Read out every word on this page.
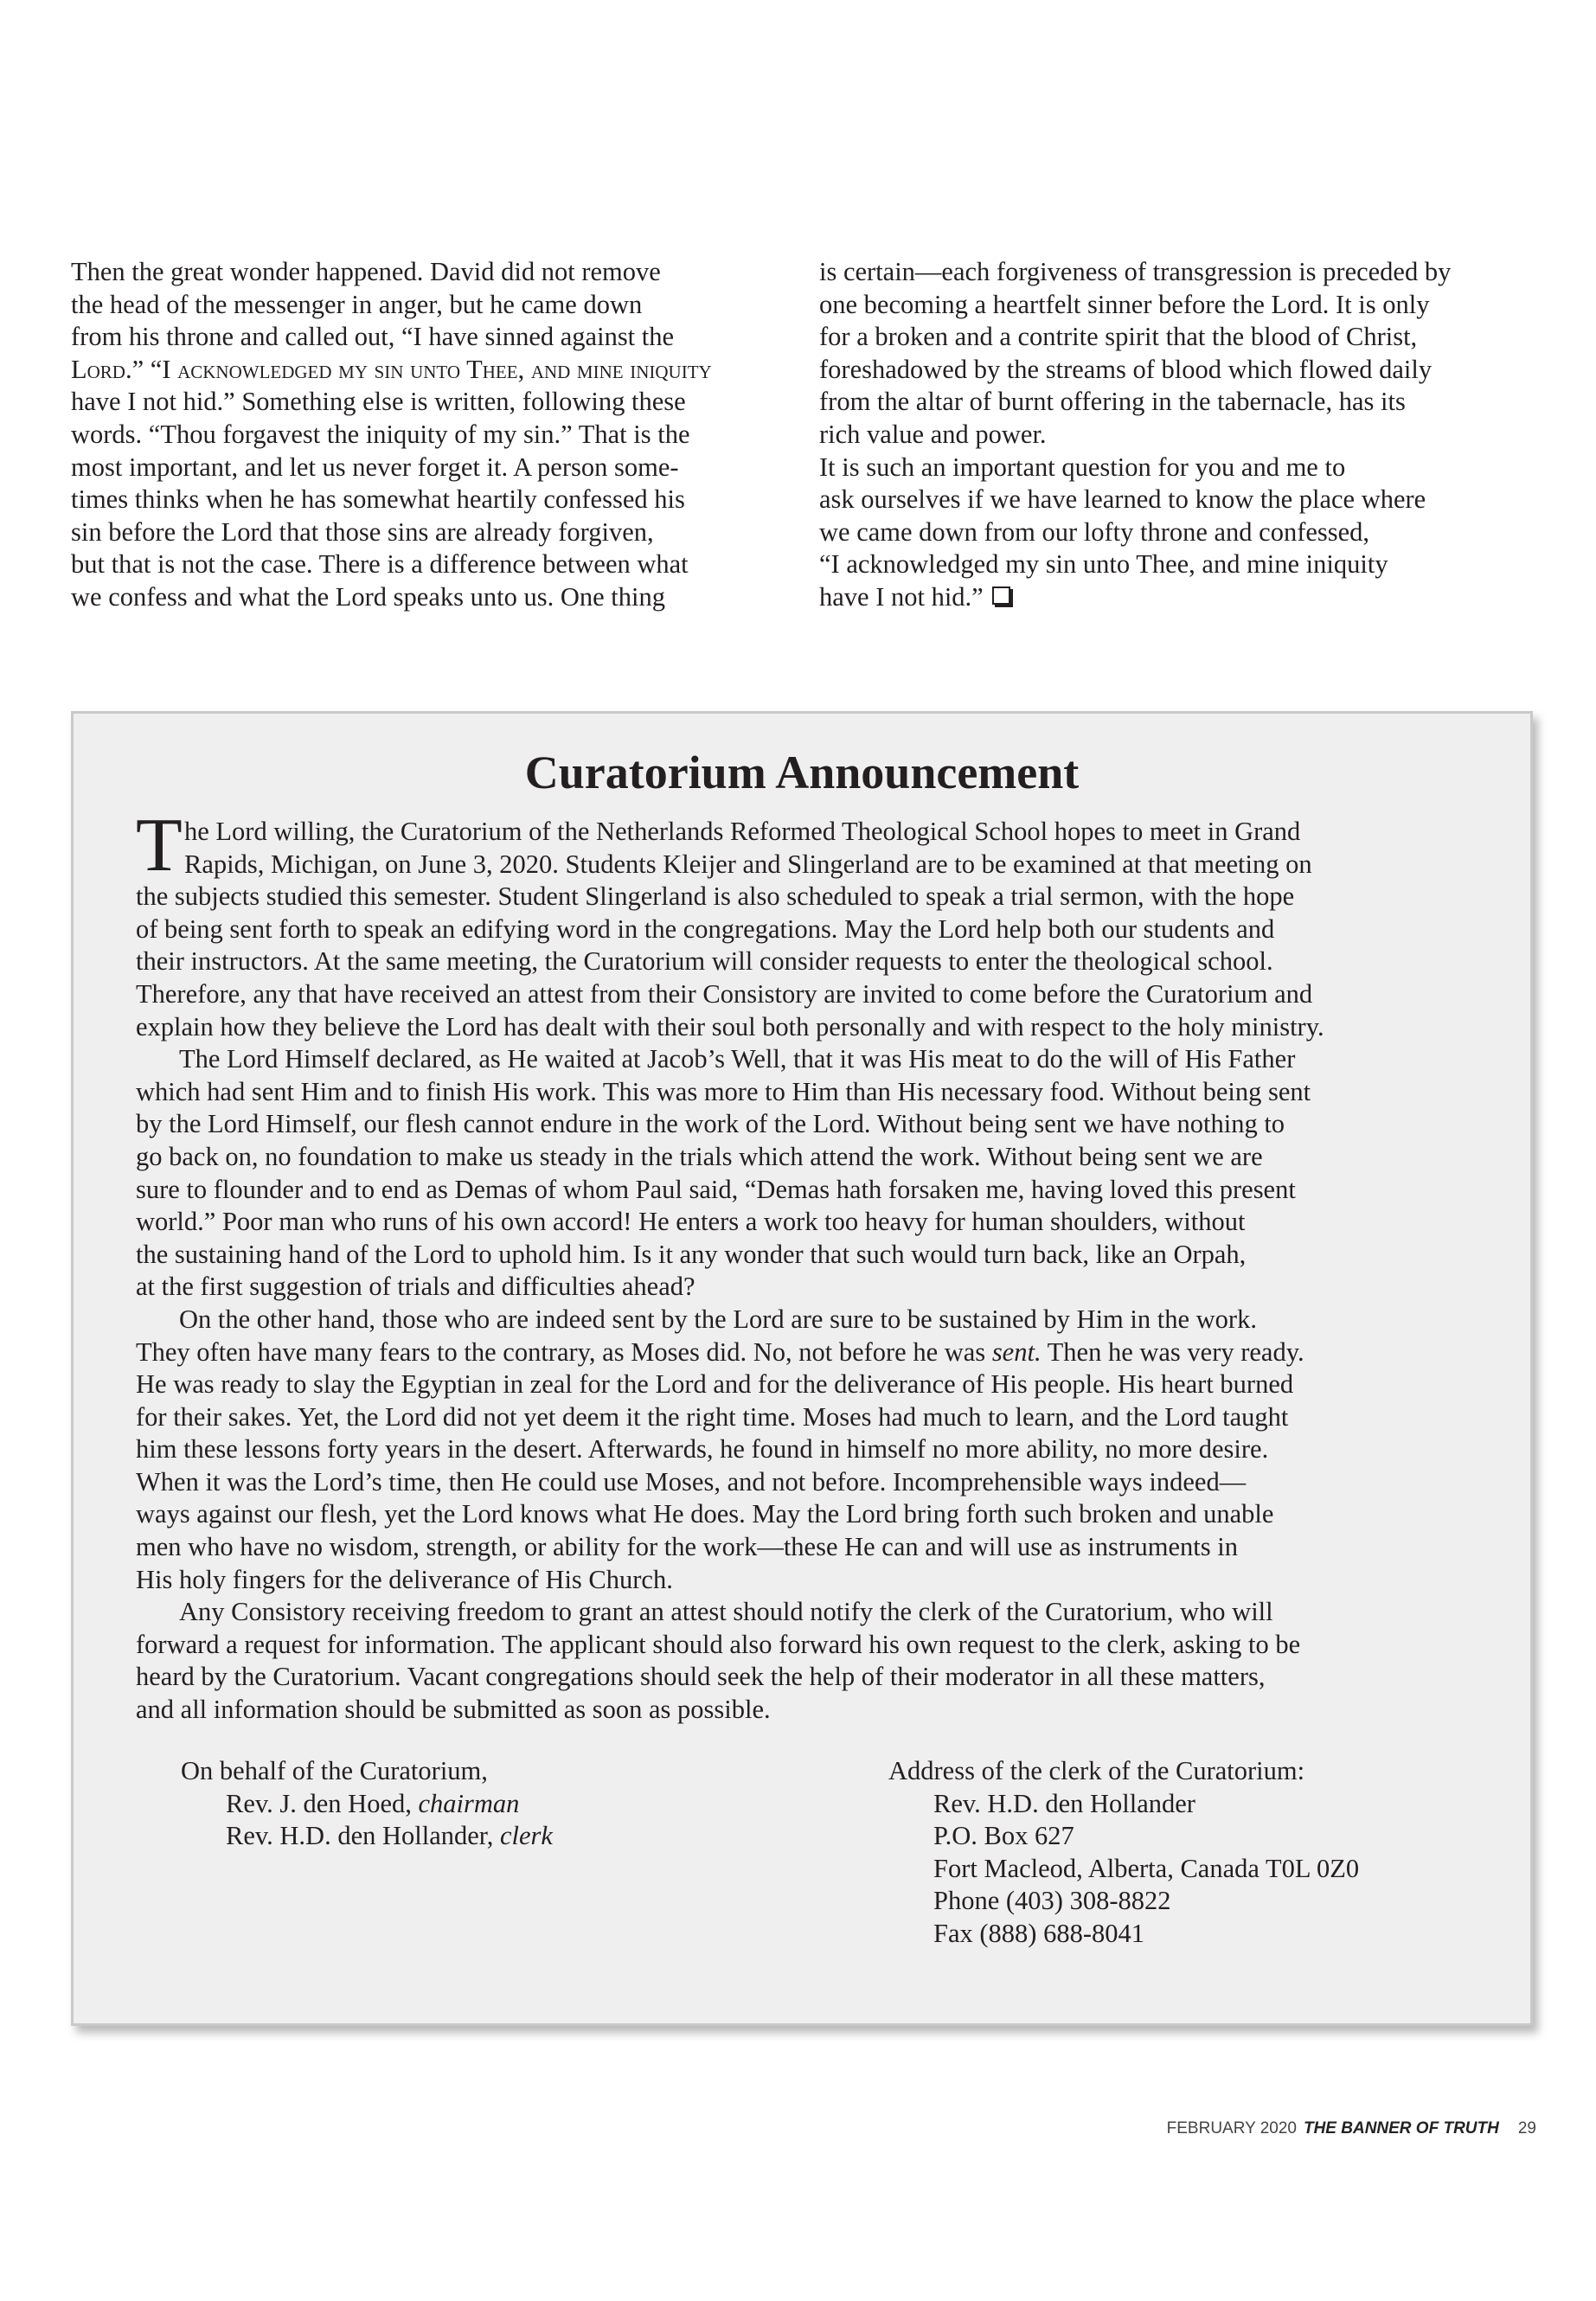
Then the great wonder happened. David did not remove
the head of the messenger in anger, but he came down
from his throne and called out, “I have sinned against the
Lord.” “I acknowledged my sin unto Thee, and mine iniquity
have I not hid.” Something else is written, following these
words. “Thou forgavest the iniquity of my sin.” That is the
most important, and let us never forget it. A person some-
times thinks when he has somewhat heartily confessed his
sin before the Lord that those sins are already forgiven,
but that is not the case. There is a difference between what
we confess and what the Lord speaks unto us. One thing
is certain—each forgiveness of transgression is preceded by
one becoming a heartfelt sinner before the Lord. It is only
for a broken and a contrite spirit that the blood of Christ,
foreshadowed by the streams of blood which flowed daily
from the altar of burnt offering in the tabernacle, has its
rich value and power.
It is such an important question for you and me to
ask ourselves if we have learned to know the place where
we came down from our lofty throne and confessed,
“I acknowledged my sin unto Thee, and mine iniquity
have I not hid.”
Curatorium Announcement
T he Lord willing, the Curatorium of the Netherlands Reformed Theological School hopes to meet in Grand
Rapids, Michigan, on June 3, 2020. Students Kleijer and Slingerland are to be examined at that meeting on
the subjects studied this semester. Student Slingerland is also scheduled to speak a trial sermon, with the hope
of being sent forth to speak an edifying word in the congregations. May the Lord help both our students and
their instructors. At the same meeting, the Curatorium will consider requests to enter the theological school.
Therefore, any that have received an attest from their Consistory are invited to come before the Curatorium and
explain how they believe the Lord has dealt with their soul both personally and with respect to the holy ministry.
The Lord Himself declared, as He waited at Jacob’s Well, that it was His meat to do the will of His Father
which had sent Him and to finish His work. This was more to Him than His necessary food. Without being sent
by the Lord Himself, our flesh cannot endure in the work of the Lord. Without being sent we have nothing to
go back on, no foundation to make us steady in the trials which attend the work. Without being sent we are
sure to flounder and to end as Demas of whom Paul said, “Demas hath forsaken me, having loved this present
world.” Poor man who runs of his own accord! He enters a work too heavy for human shoulders, without
the sustaining hand of the Lord to uphold him. Is it any wonder that such would turn back, like an Orpah,
at the first suggestion of trials and difficulties ahead?
On the other hand, those who are indeed sent by the Lord are sure to be sustained by Him in the work.
They often have many fears to the contrary, as Moses did. No, not before he was sent. Then he was very ready.
He was ready to slay the Egyptian in zeal for the Lord and for the deliverance of His people. His heart burned
for their sakes. Yet, the Lord did not yet deem it the right time. Moses had much to learn, and the Lord taught
him these lessons forty years in the desert. Afterwards, he found in himself no more ability, no more desire.
When it was the Lord’s time, then He could use Moses, and not before. Incomprehensible ways indeed—
ways against our flesh, yet the Lord knows what He does. May the Lord bring forth such broken and unable
men who have no wisdom, strength, or ability for the work—these He can and will use as instruments in
His holy fingers for the deliverance of His Church.
Any Consistory receiving freedom to grant an attest should notify the clerk of the Curatorium, who will
forward a request for information. The applicant should also forward his own request to the clerk, asking to be
heard by the Curatorium. Vacant congregations should seek the help of their moderator in all these matters,
and all information should be submitted as soon as possible.
On behalf of the Curatorium,
Rev. J. den Hoed, chairman
Rev. H.D. den Hollander, clerk
Address of the clerk of the Curatorium:
Rev. H.D. den Hollander
P.O. Box 627
Fort Macleod, Alberta, Canada T0L 0Z0
Phone (403) 308-8822
Fax (888) 688-8041
FEBRUARY 2020 THE BANNER OF TRUTH 29
